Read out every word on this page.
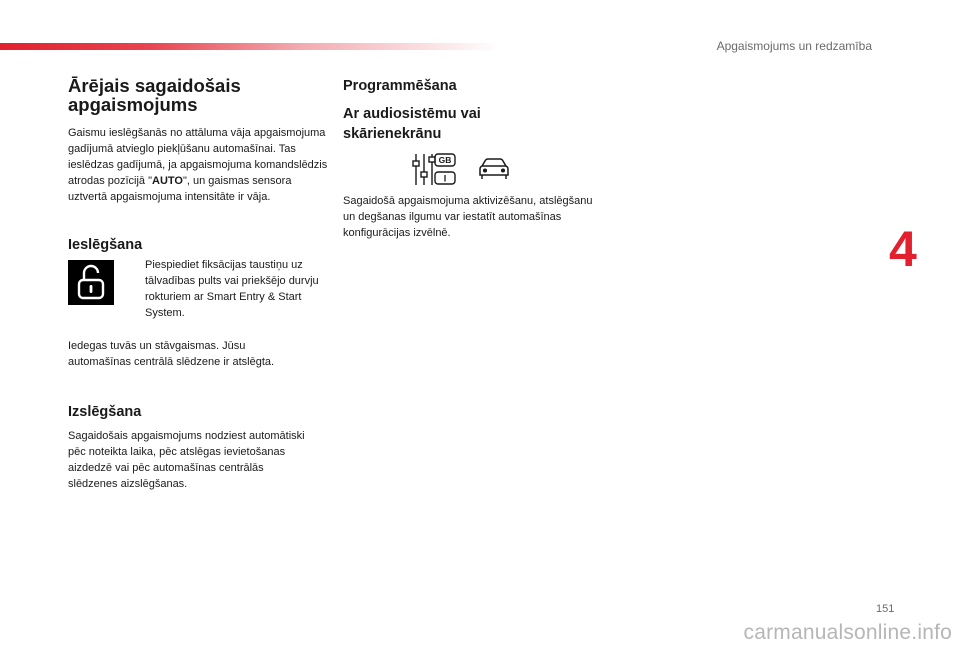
Apgaismojums un redzamība
Ārējais sagaidošais apgaismojums

Gaismu ieslēgšanās no attāluma vāja apgaismojuma gadījumā atvieglo piekļūšanu automašīnai. Tas ieslēdzas gadījumā, ja apgaismojuma komandslēdzis atrodas pozīcijā "AUTO", un gaismas sensora uztvertā apgaismojuma intensitāte ir vāja.

Ieslēgšana

Iedegas tuvās un stāvgaismas. Jūsu automašīnas centrālā slēdzene ir atslēgta.

Izslēgšana

Sagaidošais apgaismojums nodziest automātiski pēc noteikta laika, pēc atslēgas ievietošanas aizdedzē vai pēc automašīnas centrālās slēdzenes aizslēgšanas.

Piespiediet fiksācijas taustiņu uz tālvadības pults vai priekšējo durvju rokturiem ar Smart Entry & Start System.

Programmēšana
Ar audiosistēmu vai
skārienekrānu

Sagaidošā apgaismojuma aktivizēšanu, atslēgšanu un degšanas ilgumu var iestatīt automašīnas konfigurācijas izvēlnē.

GB
I
4
151
carmanualsonline.info
